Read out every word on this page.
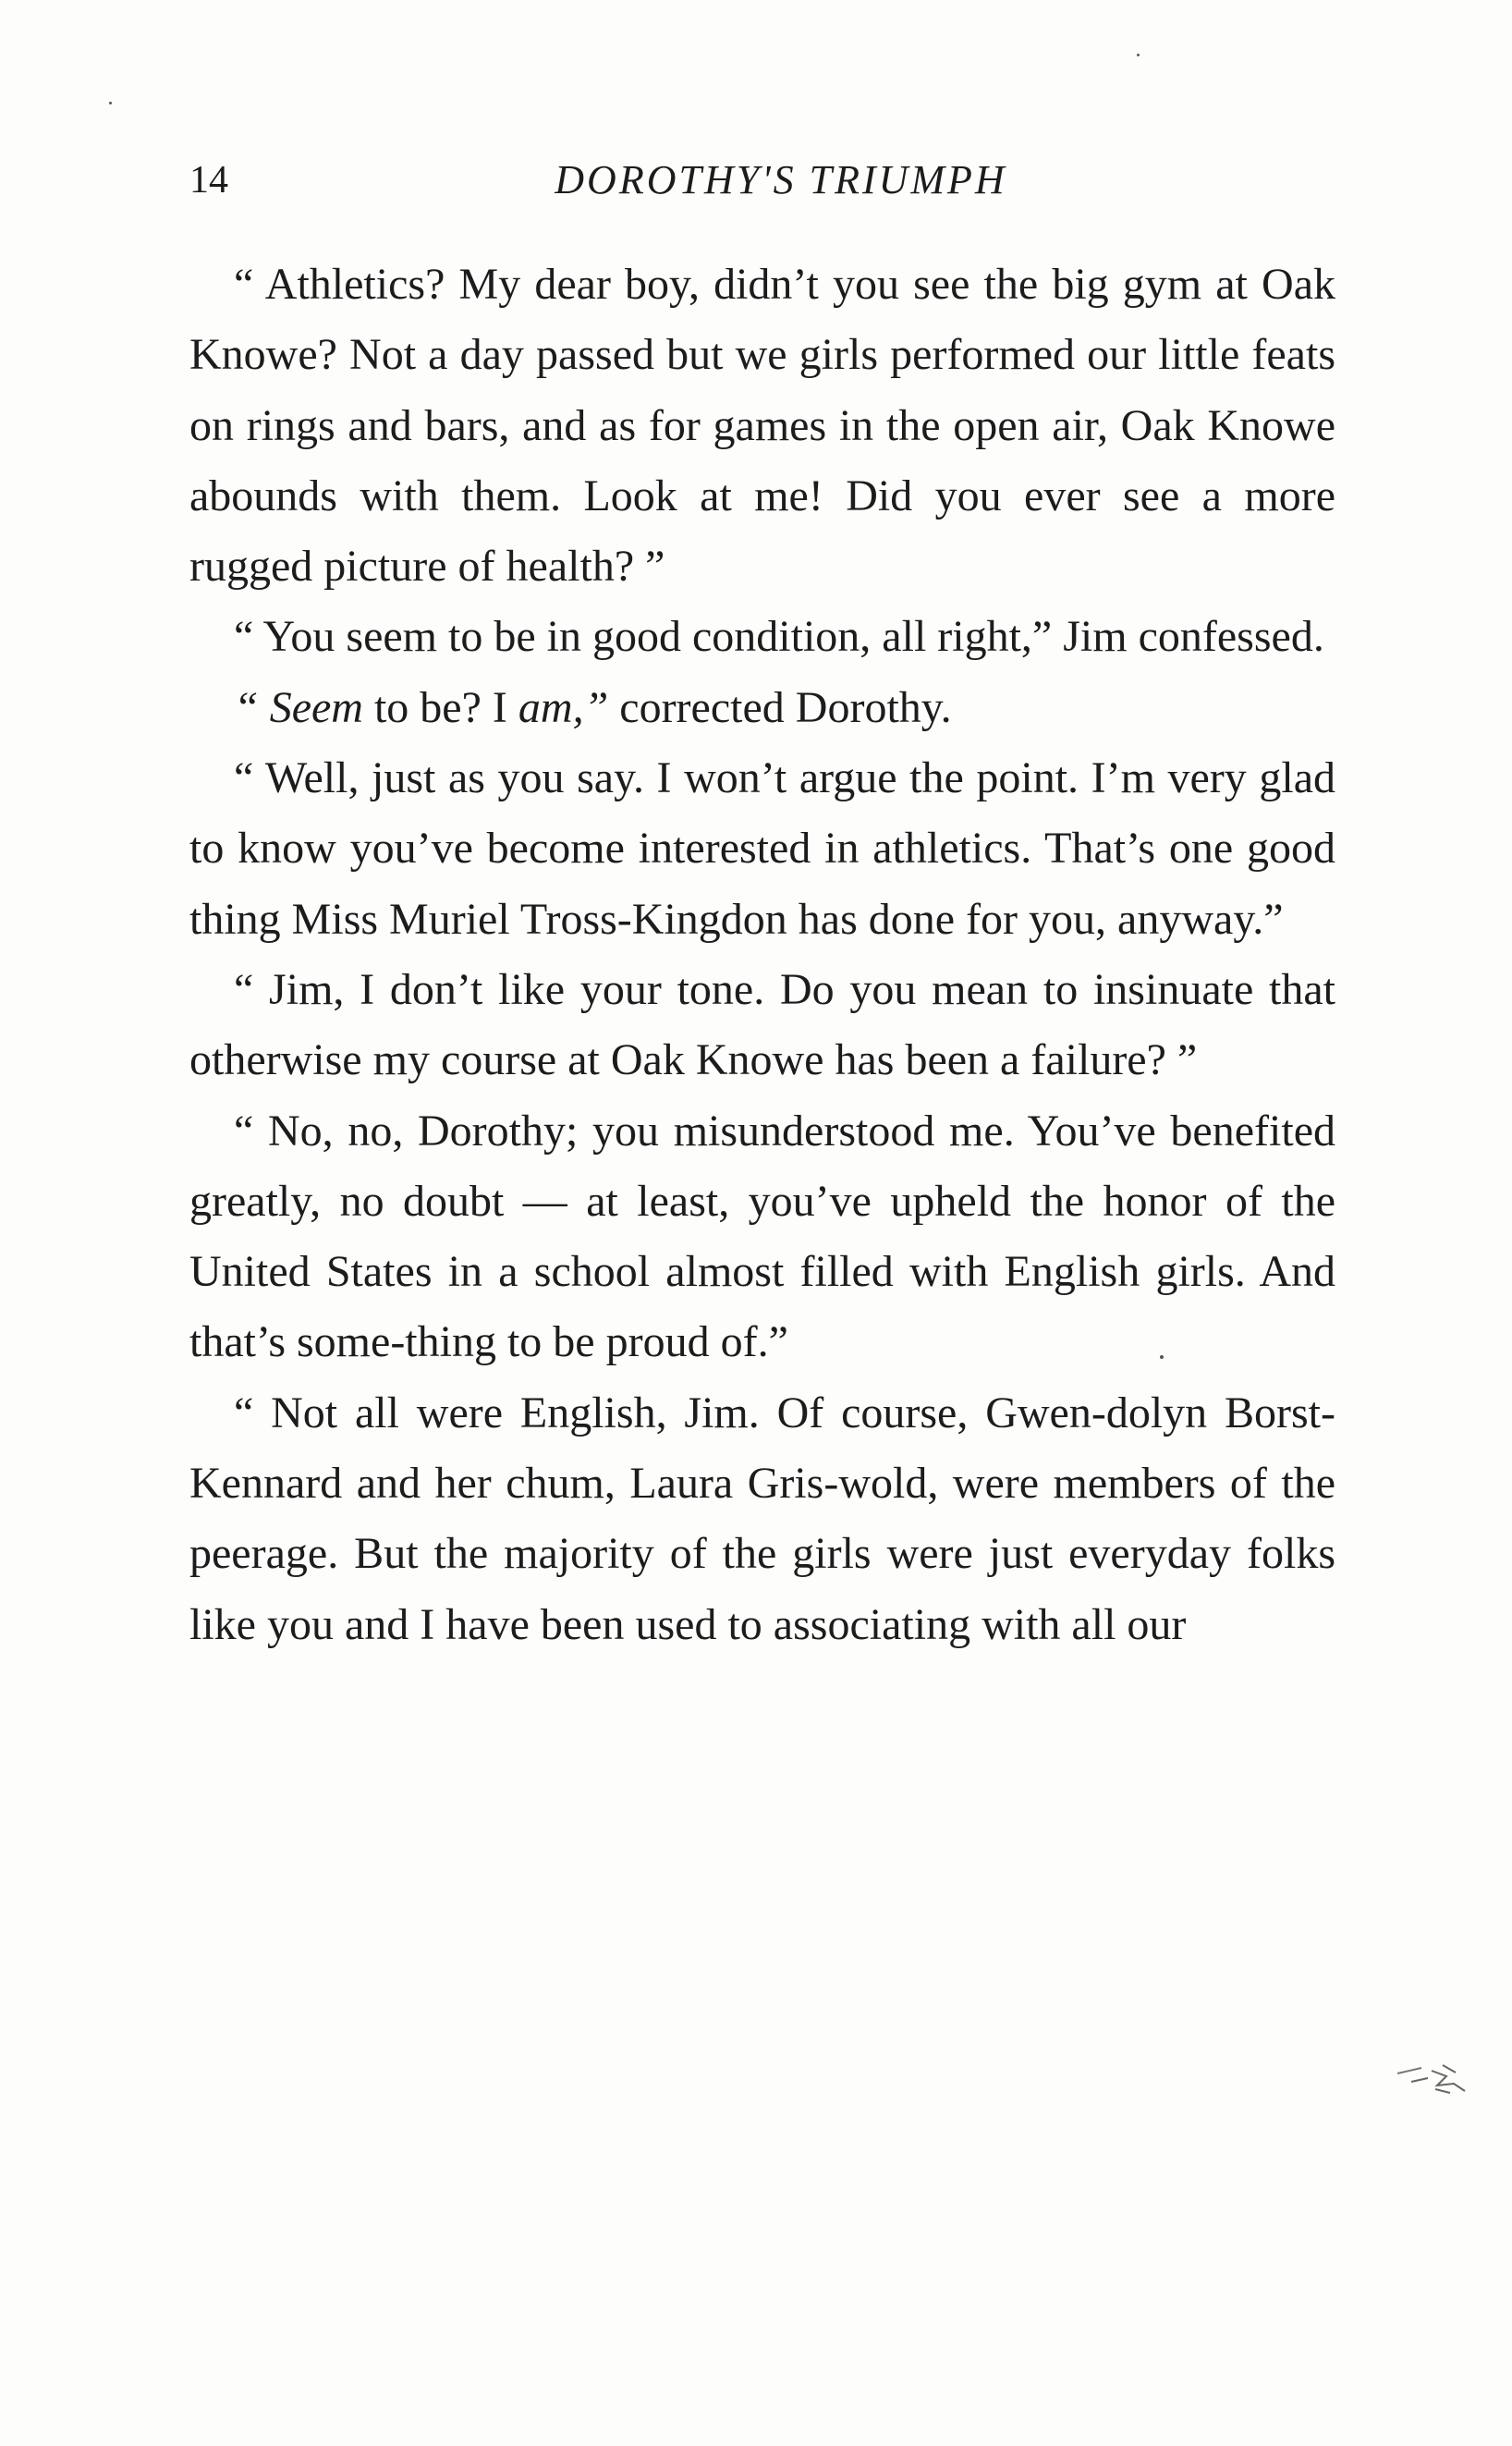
14	DOROTHY'S TRIUMPH

“ Athletics? My dear boy, didn’t you see the big gym at Oak Knowe? Not a day passed but we girls performed our little feats on rings and bars, and as for games in the open air, Oak Knowe abounds with them. Look at me! Did you ever see a more rugged picture of health? ”

“ You seem to be in good condition, all right,” Jim confessed.

“ Seem to be? I am,” corrected Dorothy.

“ Well, just as you say. I won’t argue the point. I’m very glad to know you’ve become interested in athletics. That’s one good thing Miss Muriel Tross-Kingdon has done for you, anyway.”

“ Jim, I don’t like your tone. Do you mean to insinuate that otherwise my course at Oak Knowe has been a failure? ”

“ No, no, Dorothy; you misunderstood me. You’ve benefited greatly, no doubt — at least, you’ve upheld the honor of the United States in a school almost filled with English girls. And that’s some-thing to be proud of.”

“ Not all were English, Jim. Of course, Gwen-dolyn Borst-Kennard and her chum, Laura Gris-wold, were members of the peerage. But the majority of the girls were just everyday folks like you and I have been used to associating with all our
